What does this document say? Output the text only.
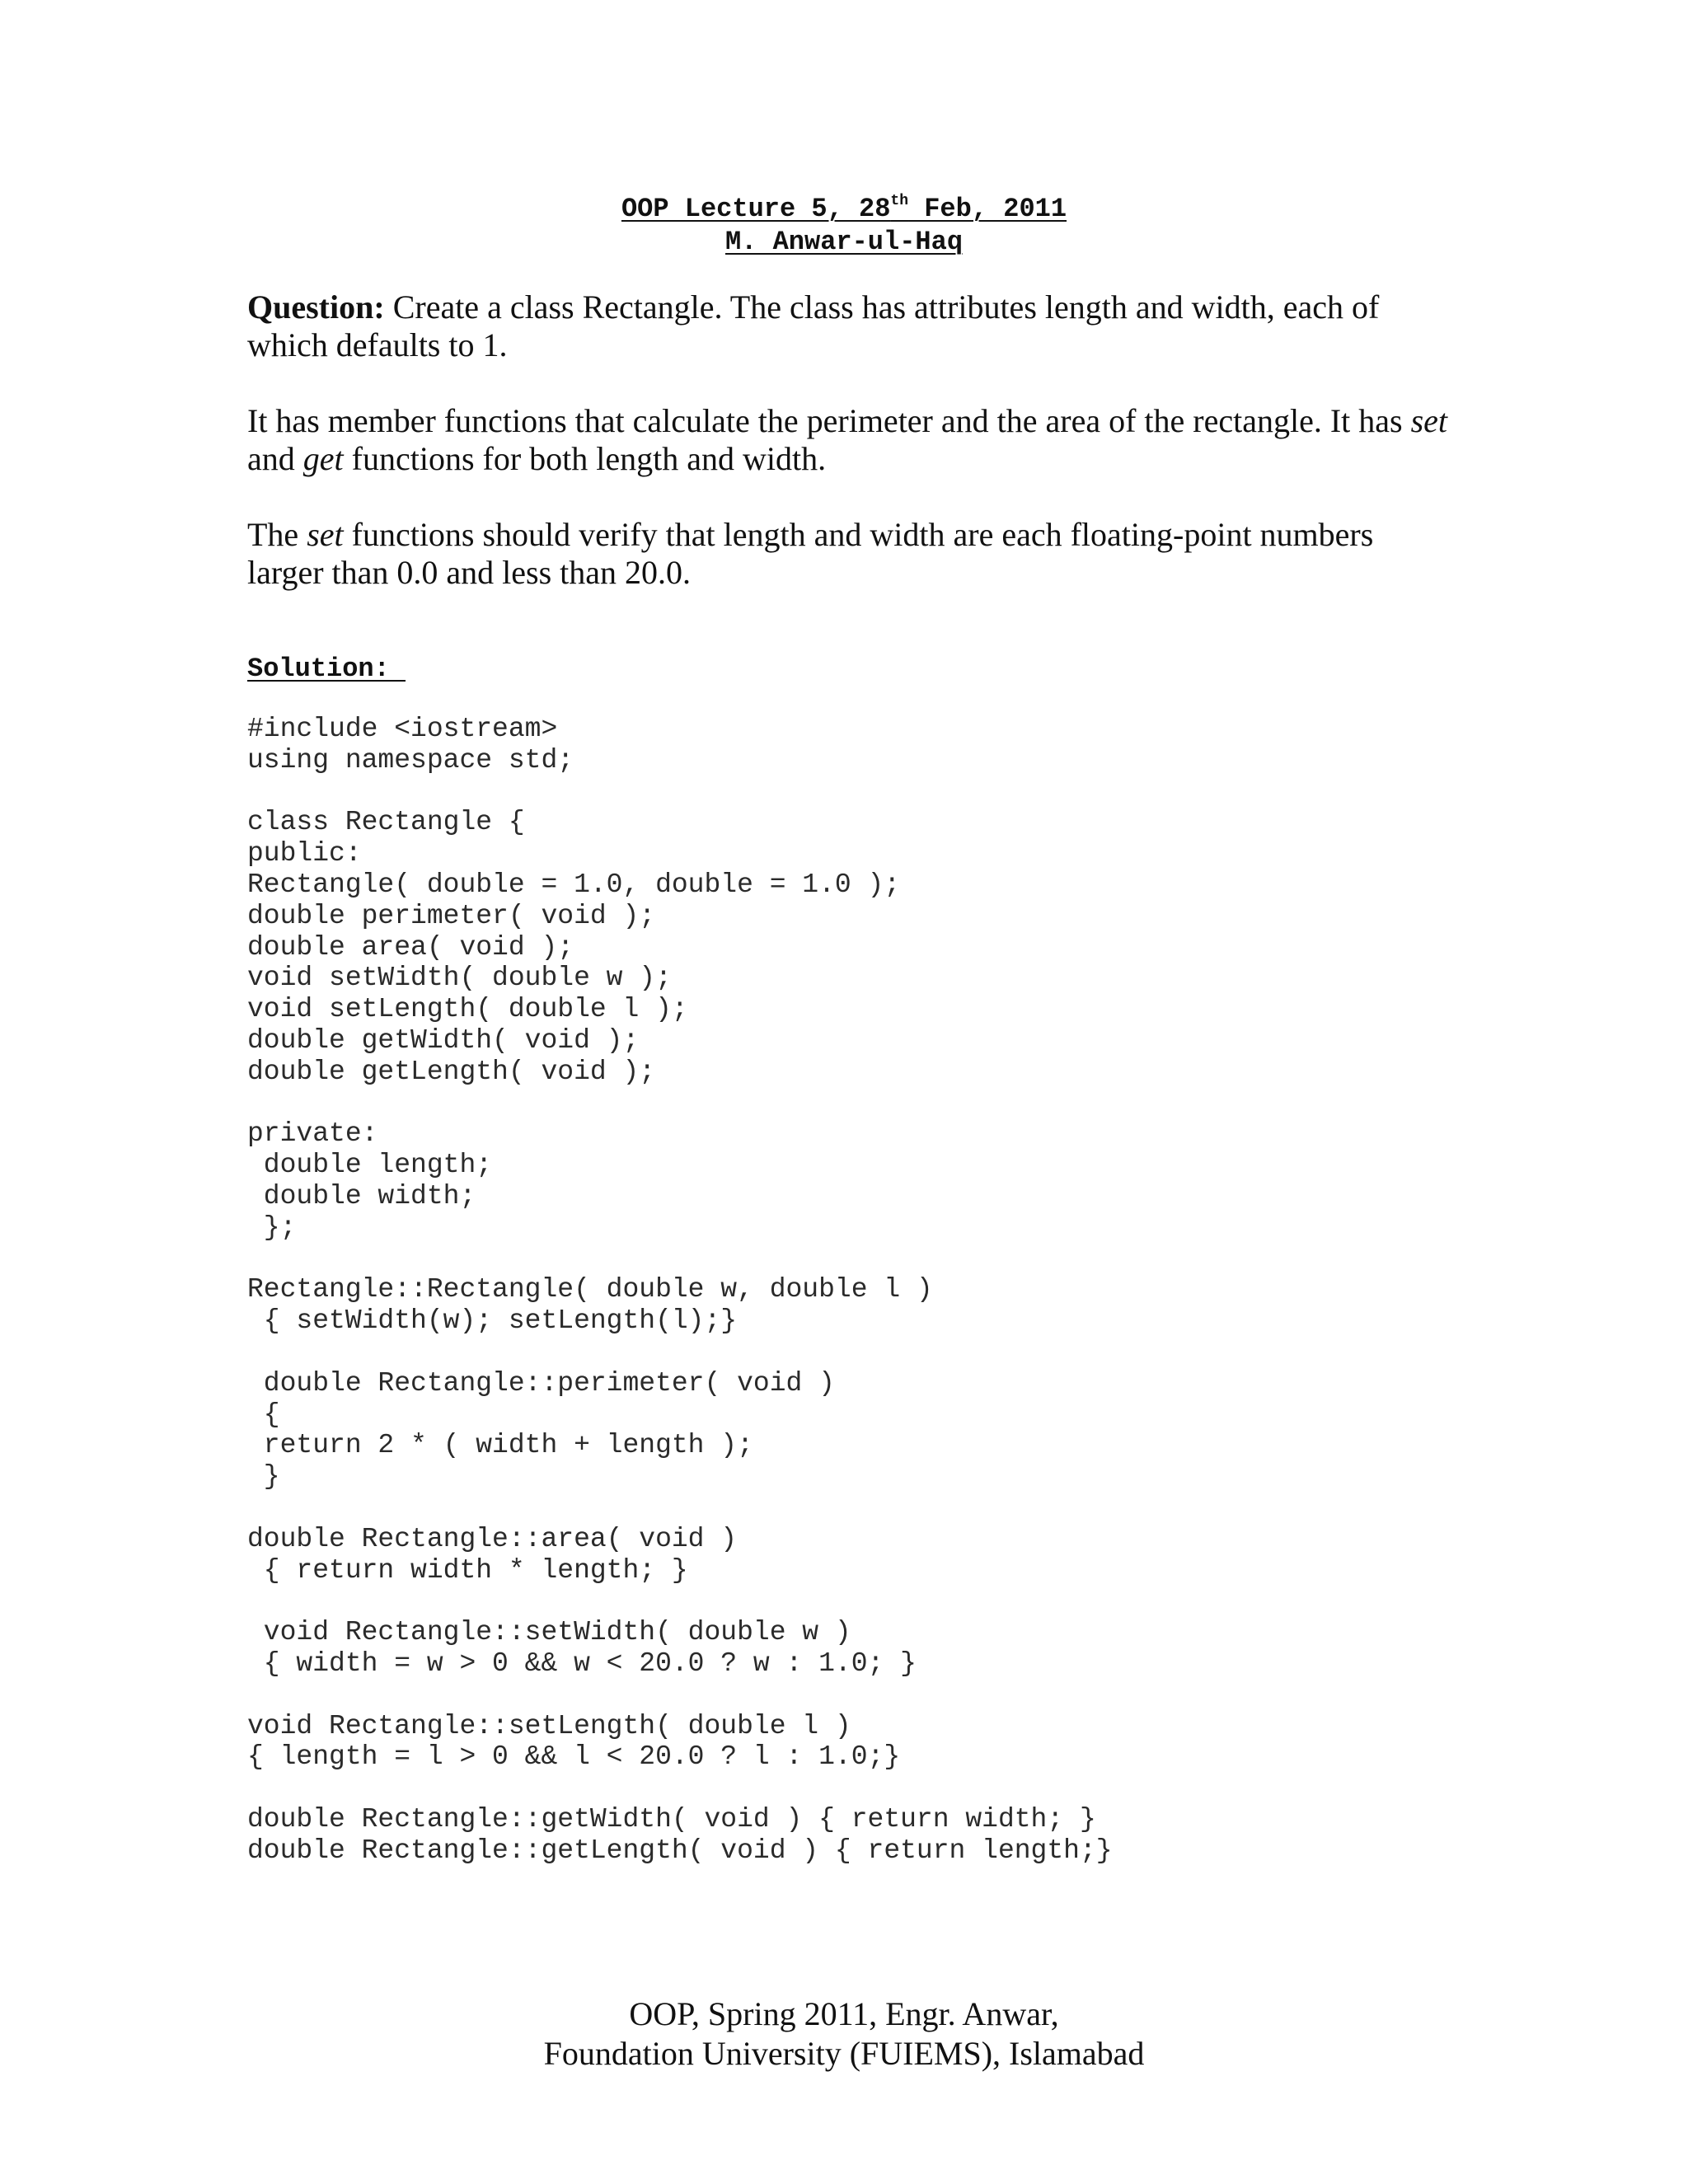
OOP Lecture 5, 28th Feb, 2011
M. Anwar-ul-Haq

Question: Create a class Rectangle. The class has attributes length and width, each of which defaults to 1.

It has member functions that calculate the perimeter and the area of the rectangle. It has set and get functions for both length and width.

The set functions should verify that length and width are each floating-point numbers larger than 0.0 and less than 20.0.

Solution:
#include <iostream>
using namespace std;
class Rectangle {
public:
Rectangle( double = 1.0, double = 1.0 );
double perimeter( void );
double area( void );
void setWidth( double w );
void setLength( double l );
double getWidth( void );
double getLength( void );
private:
double length;
double width;
};
Rectangle::Rectangle( double w, double l )
{ setWidth(w); setLength(l);}
double Rectangle::perimeter( void )
{
return 2 * ( width + length );
}
double Rectangle::area( void )
{ return width * length; }
void Rectangle::setWidth( double w )
{ width = w > 0 && w < 20.0 ? w : 1.0; }
void Rectangle::setLength( double l )
{ length = l > 0 && l < 20.0 ? l : 1.0;}
double Rectangle::getWidth( void ) { return width; }
double Rectangle::getLength( void ) { return length;}
OOP, Spring 2011, Engr. Anwar,
Foundation University (FUIEMS), Islamabad
